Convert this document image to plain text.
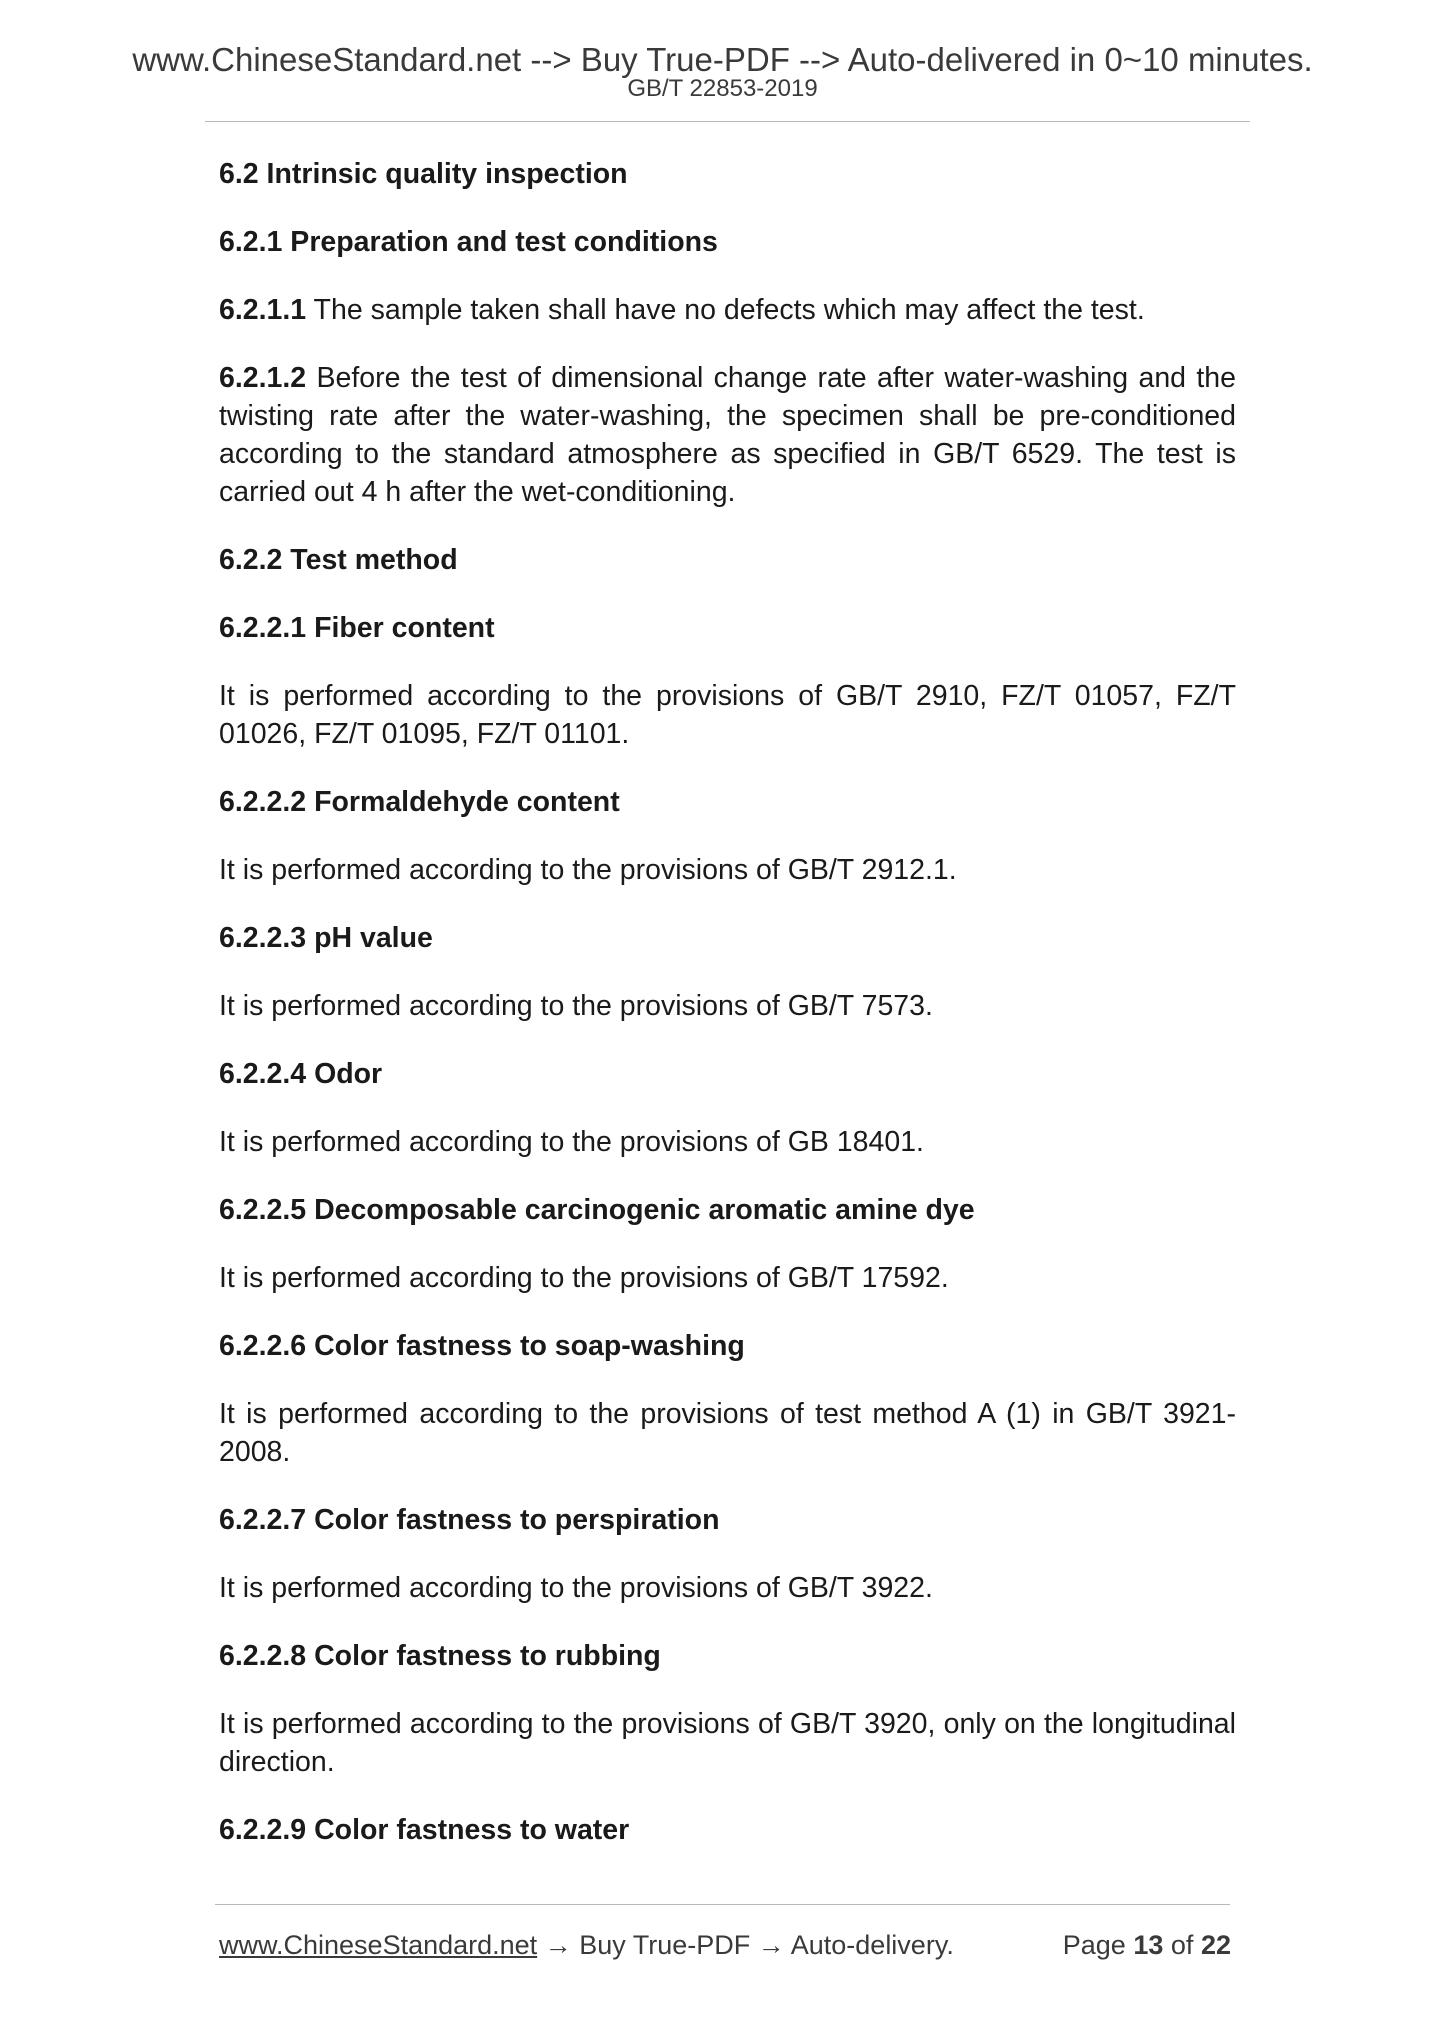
www.ChineseStandard.net --> Buy True-PDF --> Auto-delivered in 0~10 minutes.
GB/T 22853-2019
6.2 Intrinsic quality inspection
6.2.1 Preparation and test conditions
6.2.1.1 The sample taken shall have no defects which may affect the test.
6.2.1.2 Before the test of dimensional change rate after water-washing and the twisting rate after the water-washing, the specimen shall be pre-conditioned according to the standard atmosphere as specified in GB/T 6529. The test is carried out 4 h after the wet-conditioning.
6.2.2 Test method
6.2.2.1 Fiber content
It is performed according to the provisions of GB/T 2910, FZ/T 01057, FZ/T 01026, FZ/T 01095, FZ/T 01101.
6.2.2.2 Formaldehyde content
It is performed according to the provisions of GB/T 2912.1.
6.2.2.3 pH value
It is performed according to the provisions of GB/T 7573.
6.2.2.4 Odor
It is performed according to the provisions of GB 18401.
6.2.2.5 Decomposable carcinogenic aromatic amine dye
It is performed according to the provisions of GB/T 17592.
6.2.2.6 Color fastness to soap-washing
It is performed according to the provisions of test method A (1) in GB/T 3921-2008.
6.2.2.7 Color fastness to perspiration
It is performed according to the provisions of GB/T 3922.
6.2.2.8 Color fastness to rubbing
It is performed according to the provisions of GB/T 3920, only on the longitudinal direction.
6.2.2.9 Color fastness to water
www.ChineseStandard.net → Buy True-PDF → Auto-delivery.	Page 13 of 22
